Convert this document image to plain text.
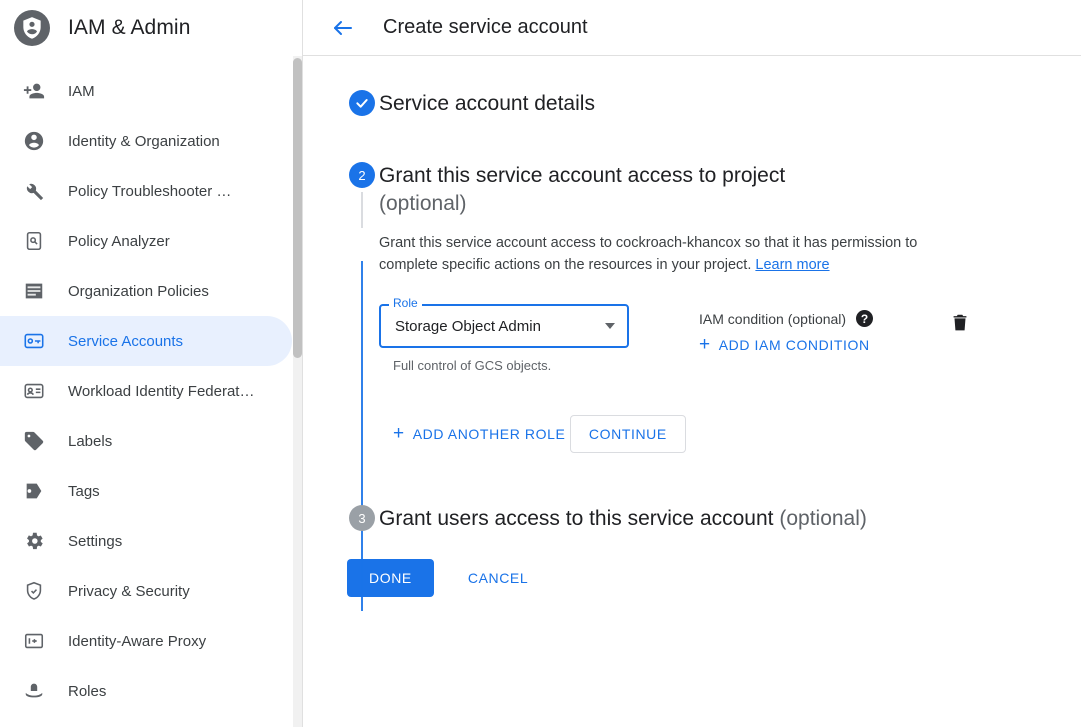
IAM & Admin
IAM
Identity & Organization
Policy Troubleshooter …
Policy Analyzer
Organization Policies
Service Accounts
Workload Identity Federat…
Labels
Tags
Settings
Privacy & Security
Identity-Aware Proxy
Roles
Create service account
Service account details
2 Grant this service account access to project
(optional)
Grant this service account access to cockroach-khancox so that it has permission to complete specific actions on the resources in your project. Learn more
Role
Storage Object Admin
Full control of GCS objects.
IAM condition (optional)	?
+ ADD IAM CONDITION
+ ADD ANOTHER ROLE CONTINUE
3 Grant users access to this service account (optional)
DONE	CANCEL
